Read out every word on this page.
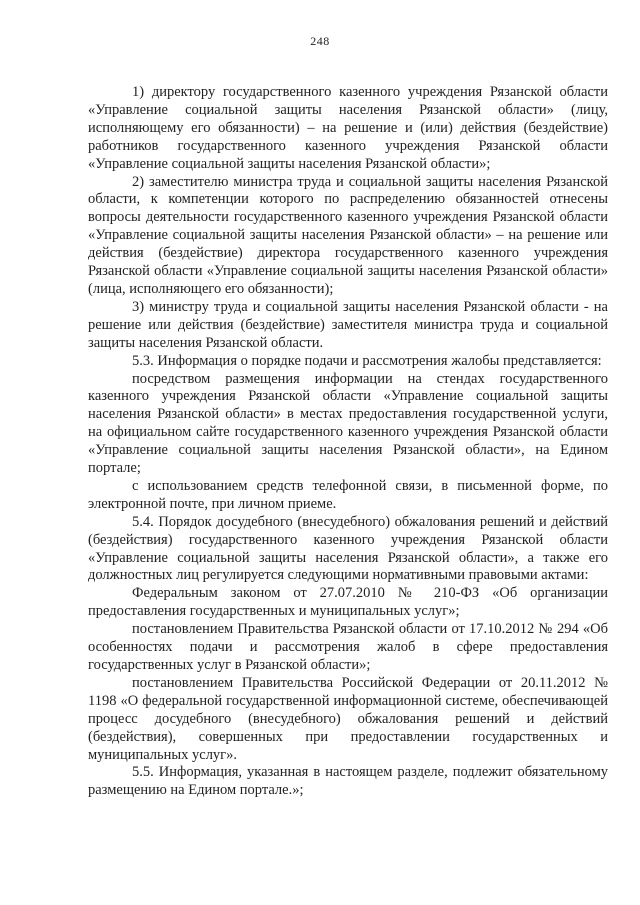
248

1) директору государственного казенного учреждения Рязанской области «Управление социальной защиты населения Рязанской области» (лицу, исполняющему его обязанности) – на решение и (или) действия (бездействие) работников государственного казенного учреждения Рязанской области «Управление социальной защиты населения Рязанской области»;

2) заместителю министра труда и социальной защиты населения Рязанской области, к компетенции которого по распределению обязанностей отнесены вопросы деятельности государственного казенного учреждения Рязанской области «Управление социальной защиты населения Рязанской области» – на решение или действия (бездействие) директора государственного казенного учреждения Рязанской области «Управление социальной защиты населения Рязанской области» (лица, исполняющего его обязанности);

3) министру труда и социальной защиты населения Рязанской области - на решение или действия (бездействие) заместителя министра труда и социальной защиты населения Рязанской области.

5.3. Информация о порядке подачи и рассмотрения жалобы представляется:

посредством размещения информации на стендах государственного казенного учреждения Рязанской области «Управление социальной защиты населения Рязанской области» в местах предоставления государственной услуги, на официальном сайте государственного казенного учреждения Рязанской области «Управление социальной защиты населения Рязанской области», на Едином портале;

с использованием средств телефонной связи, в письменной форме, по электронной почте, при личном приеме.

5.4. Порядок досудебного (внесудебного) обжалования решений и действий (бездействия) государственного казенного учреждения Рязанской области «Управление социальной защиты населения Рязанской области», а также его должностных лиц регулируется следующими нормативными правовыми актами:

Федеральным законом от 27.07.2010 № 210-ФЗ «Об организации предоставления государственных и муниципальных услуг»;

постановлением Правительства Рязанской области от 17.10.2012 № 294 «Об особенностях подачи и рассмотрения жалоб в сфере предоставления государственных услуг в Рязанской области»;

постановлением Правительства Российской Федерации от 20.11.2012 № 1198 «О федеральной государственной информационной системе, обеспечивающей процесс досудебного (внесудебного) обжалования решений и действий (бездействия), совершенных при предоставлении государственных и муниципальных услуг».

5.5. Информация, указанная в настоящем разделе, подлежит обязательному размещению на Едином портале.»;
